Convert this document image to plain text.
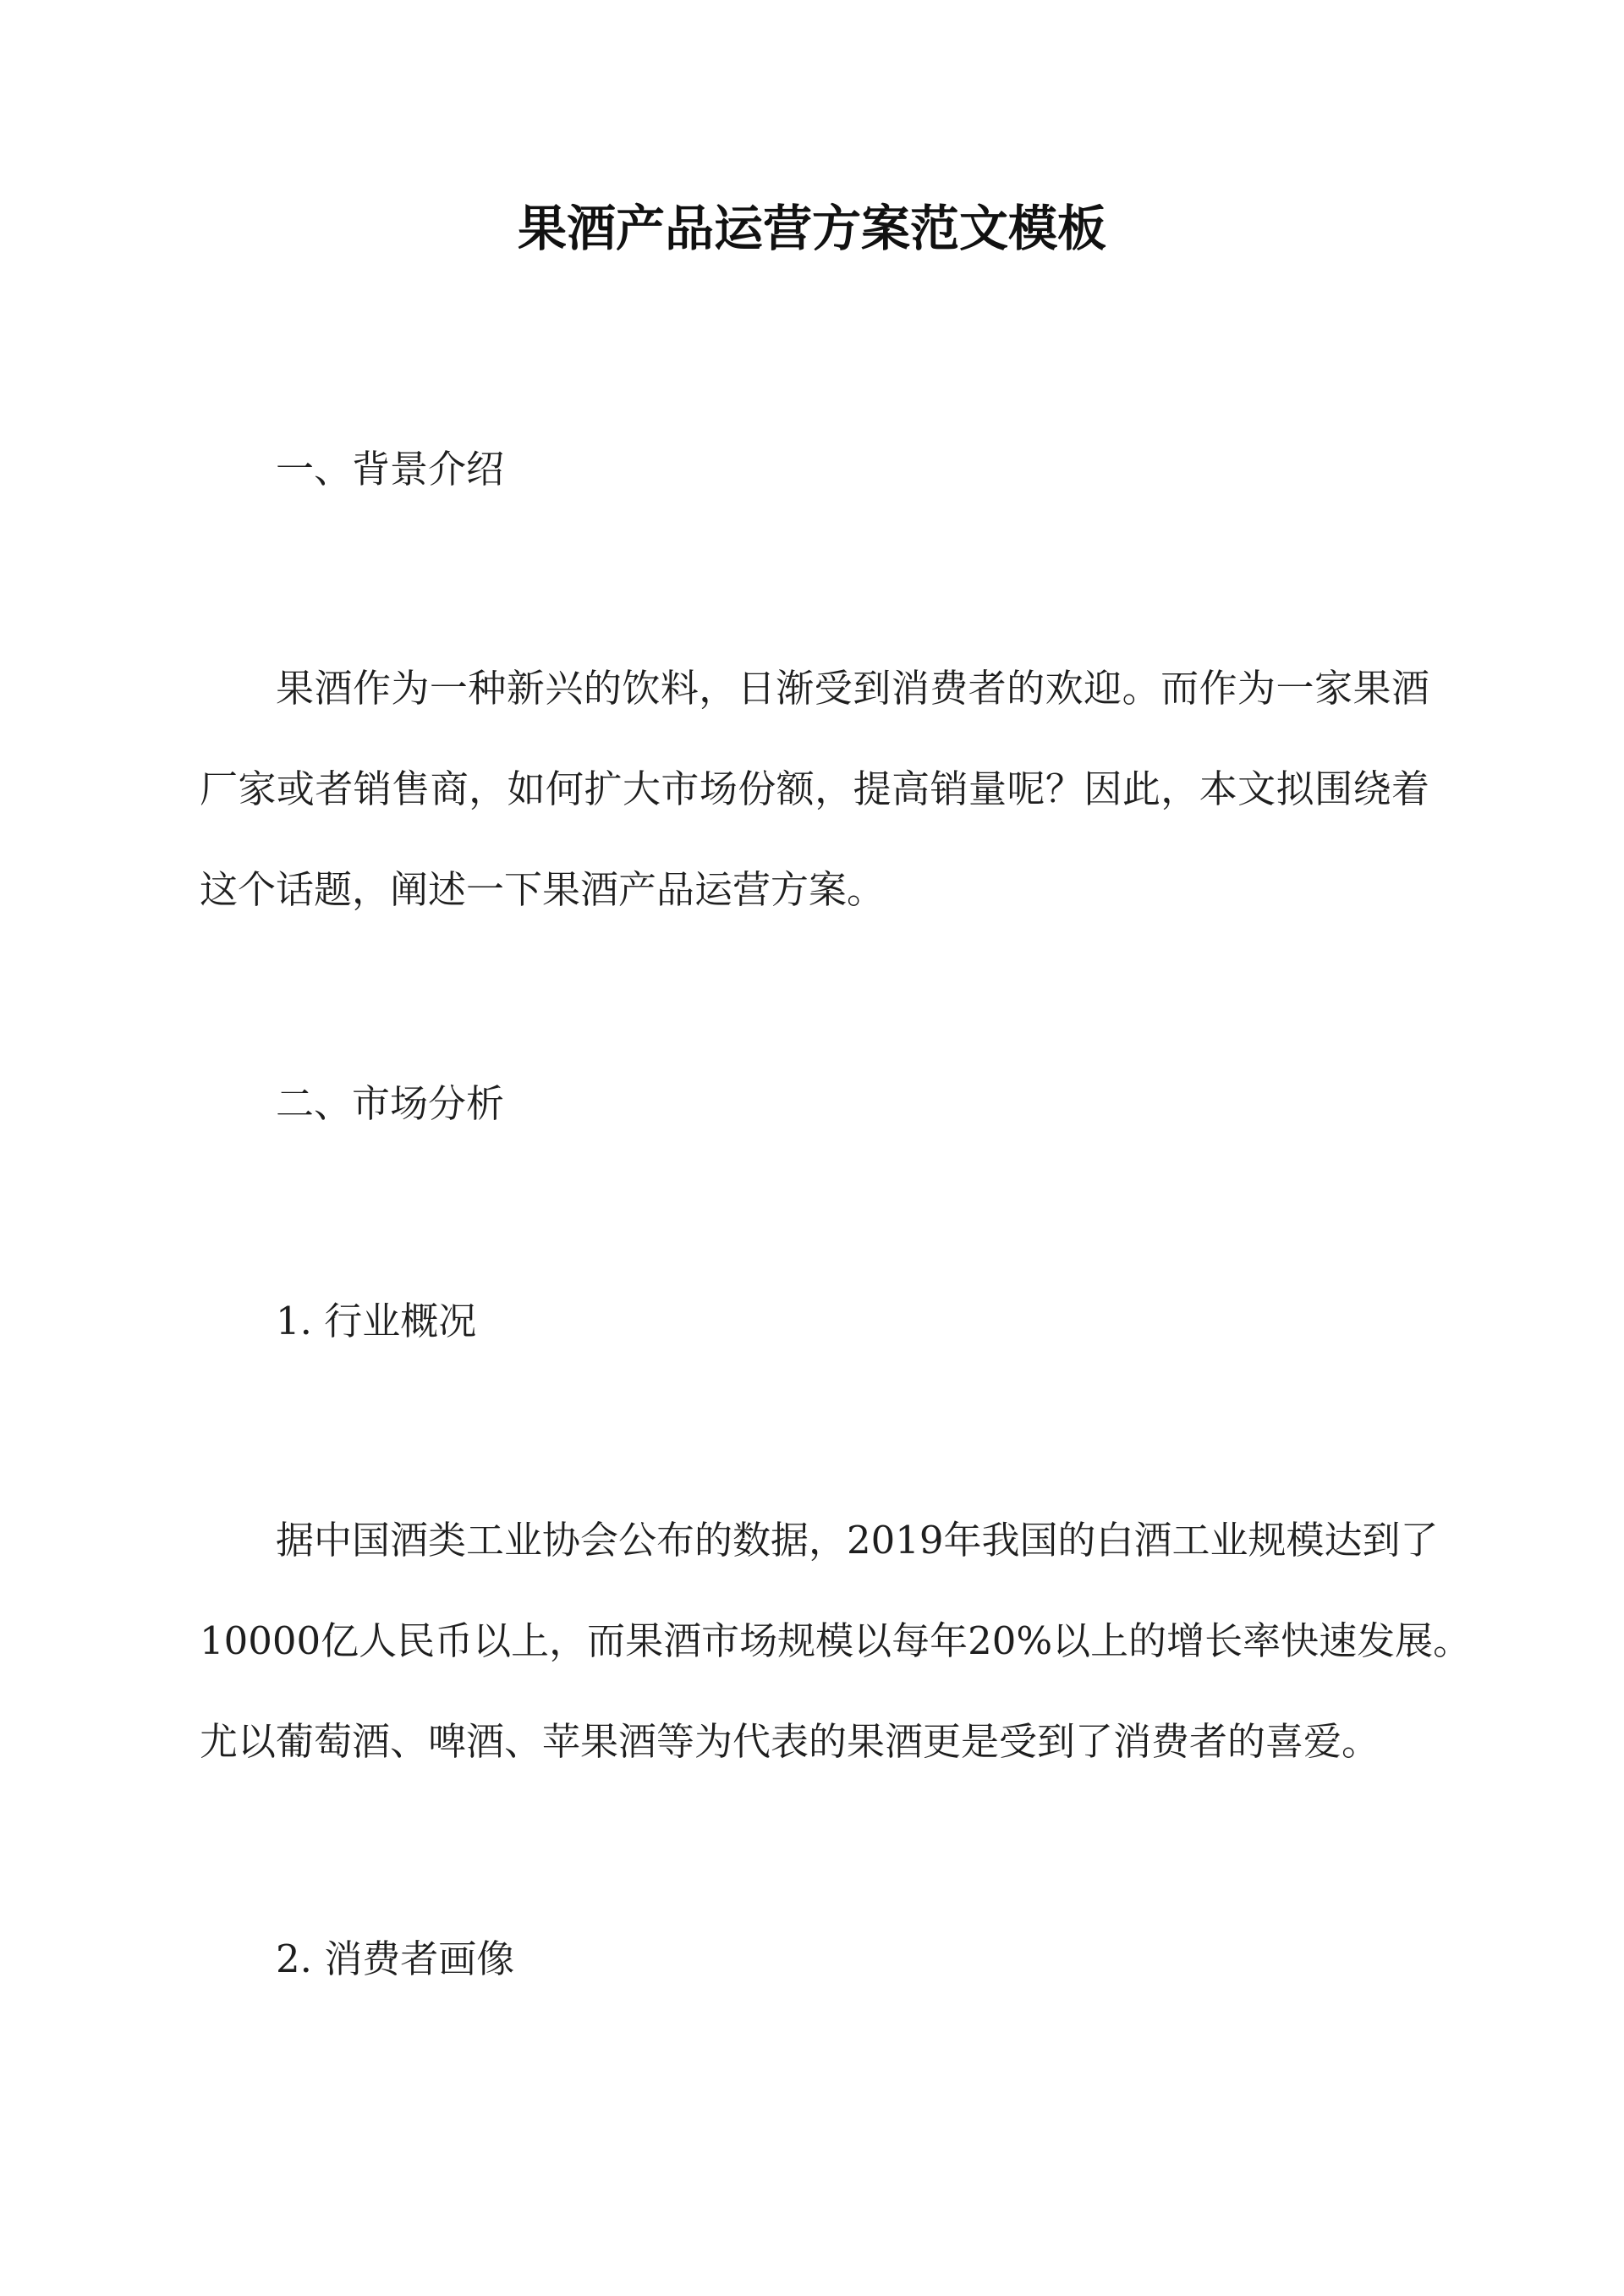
果酒产品运营方案范文模板
一、背景介绍
果酒作为一种新兴的饮料，日渐受到消费者的欢迎。而作为一家果酒
厂家或者销售商，如何扩大市场份额，提高销量呢？因此，本文拟围绕着
这个话题，阐述一下果酒产品运营方案。
二、市场分析
1. 行业概况
据中国酒类工业协会公布的数据，2019年我国的白酒工业规模达到了
10000亿人民币以上，而果酒市场规模以每年20%以上的增长率快速发展。
尤以葡萄酒、啤酒、苹果酒等为代表的果酒更是受到了消费者的喜爱。
2. 消费者画像
